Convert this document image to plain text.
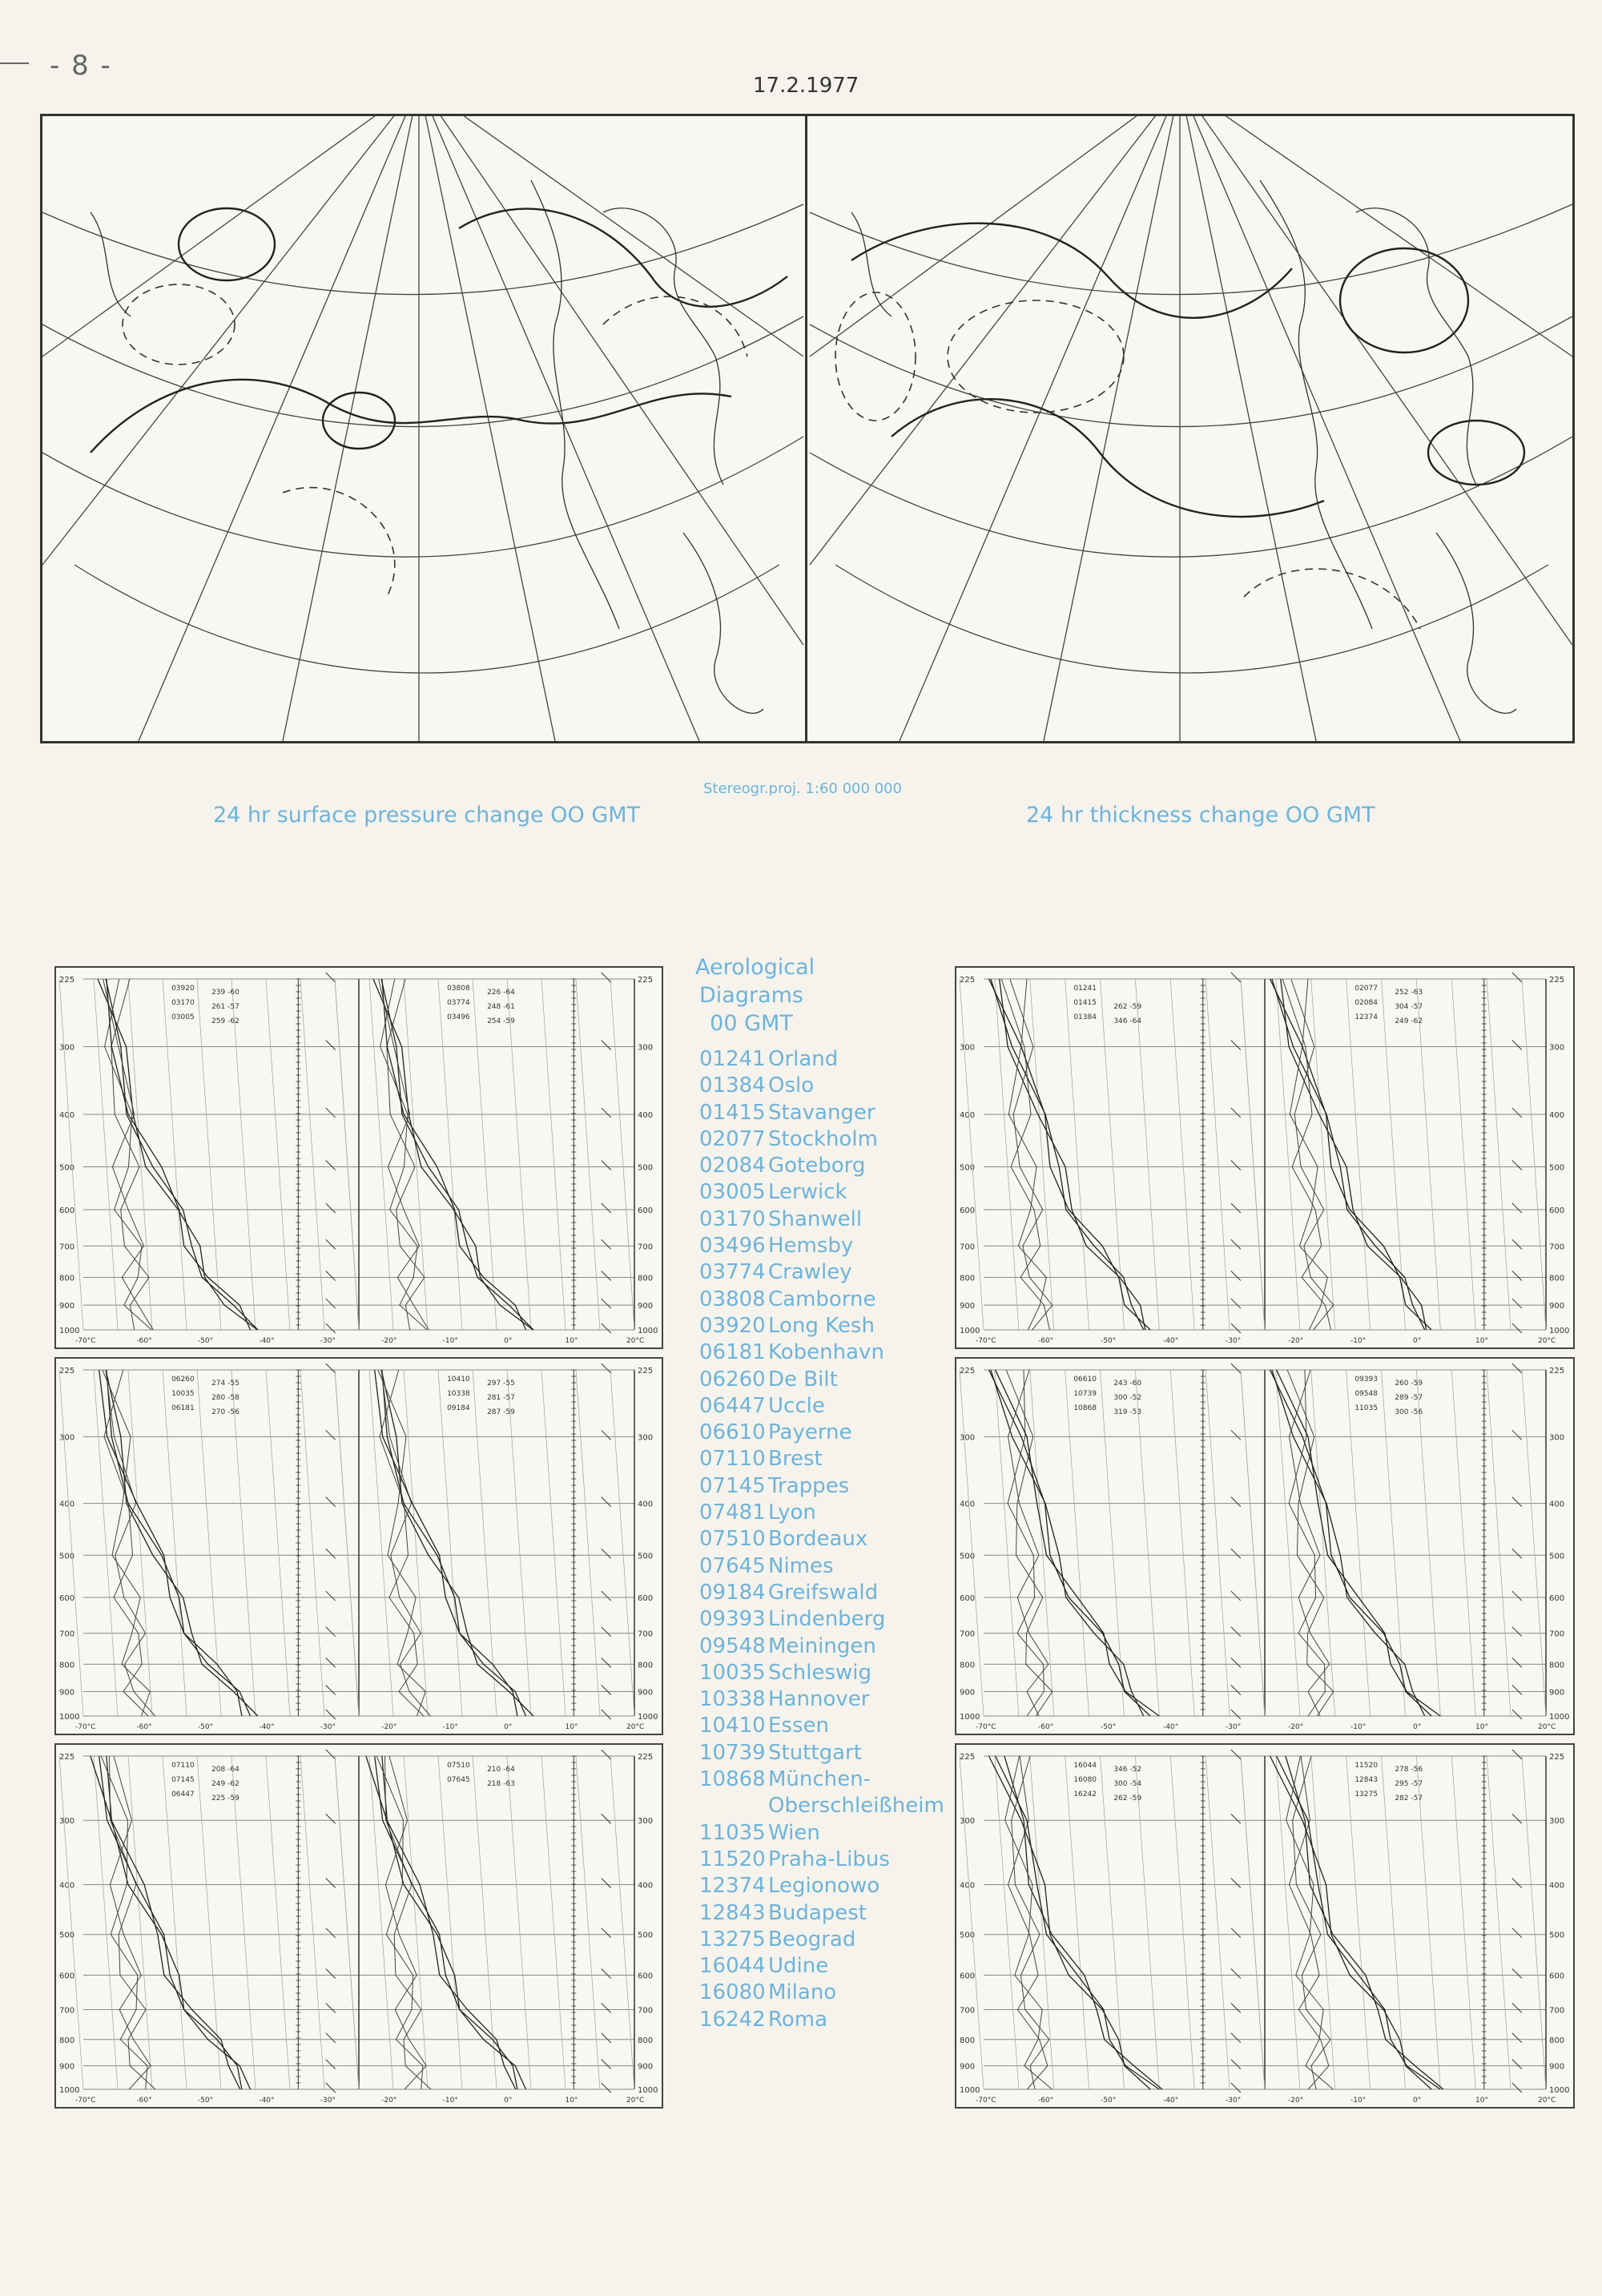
- 8 -
17.2.1977
24 hr surface pressure change OO GMT
Stereogr.proj. 1:60 000 000
24 hr thickness change OO GMT
225	225
300	300
400	400
500	500
600	600
700	700
800	800
900	900
1000	1000
03920 239 -60
03170 261 -57
03005 259 -62
03808 226 -64
03774 248 -61
03496 254 -59
-70°C	-60°	-50°	-40°	-30°	-20°	-10°	0°	10°	20°C
225	225
300	300
400	400
500	500
600	600
700	700
800	800
900	900
1000	1000
06260 274 -55
10035 280 -58
06181 270 -56
10410 297 -55
10338 281 -57
09184 287 -59
-70°C	-60°	-50°	-40°	-30°	-20°	-10°	0°	10°	20°C
225	225
300	300
400	400
500	500
600	600
700	700
800	800
900	900
1000	1000
07110 208 -64
07145 249 -62
06447 225 -59
07510 210 -64
07645 218 -63
-70°C	-60°	-50°	-40°	-30°	-20°	-10°	0°	10°	20°C
225	225
300	300
400	400
500	500
600	600
700	700
800	800
900	900
1000	1000
01241
01415 262 -59
01384 346 -64
02077 252 -63
02084 304 -57
12374 249 -62
-70°C	-60°	-50°	-40°	-30°	-20°	-10°	0°	10°	20°C
225	225
300	300
400	400
500	500
600	600
700	700
800	800
900	900
1000	1000
06610 243 -60
10739 300 -52
10868 319 -53
09393 260 -59
09548 289 -57
11035 300 -56
-70°C	-60°	-50°	-40°	-30°	-20°	-10°	0°	10°	20°C
225	225
300	300
400	400
500	500
600	600
700	700
800	800
900	900
1000	1000
16044 346 -52
16080 300 -54
16242 262 -59
11520 278 -56
12843 295 -57
13275 282 -57
-70°C	-60°	-50°	-40°	-30°	-20°	-10°	0°	10°	20°C
Aerological
Diagrams
00 GMT
01241 Orland
01384 Oslo
01415 Stavanger
02077 Stockholm
02084 Goteborg
03005 Lerwick
03170 Shanwell
03496 Hemsby
03774 Crawley
03808 Camborne
03920 Long Kesh
06181 Kobenhavn
06260 De Bilt
06447 Uccle
06610 Payerne
07110 Brest
07145 Trappes
07481 Lyon
07510 Bordeaux
07645 Nimes
09184 Greifswald
09393 Lindenberg
09548 Meiningen
10035 Schleswig
10338 Hannover
10410 Essen
10739 Stuttgart
10868 München-
Oberschleißheim
11035 Wien
11520 Praha-Libus
12374 Legionowo
12843 Budapest
13275 Beograd
16044 Udine
16080 Milano
16242 Roma
